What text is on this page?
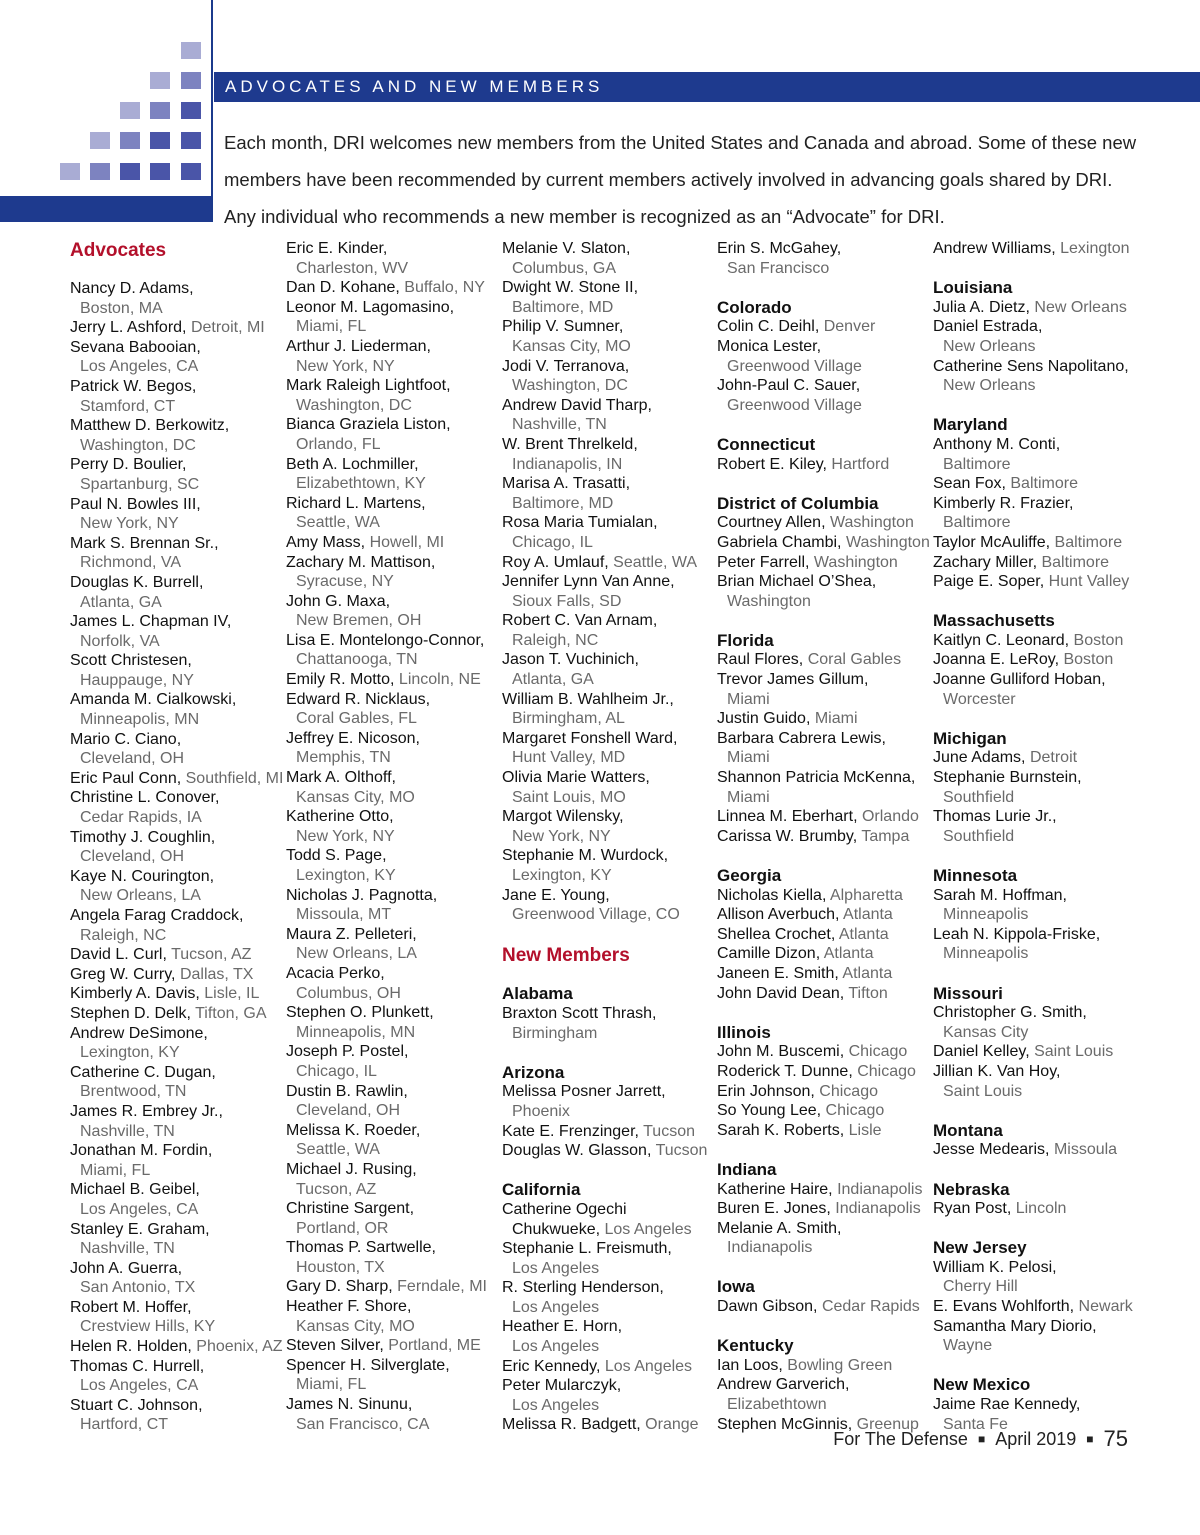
ADVOCATES AND NEW MEMBERS
Each month, DRI welcomes new members from the United States and Canada and abroad. Some of these new members have been recommended by current members actively involved in advancing goals shared by DRI. Any individual who recommends a new member is recognized as an “Advocate” for DRI.
Advocates
Nancy D. Adams,
Boston, MA
Jerry L. Ashford, Detroit, MI
Sevana Babooian,
Los Angeles, CA
Patrick W. Begos,
Stamford, CT
Matthew D. Berkowitz,
Washington, DC
Perry D. Boulier,
Spartanburg, SC
Paul N. Bowles III,
New York, NY
Mark S. Brennan Sr.,
Richmond, VA
Douglas K. Burrell,
Atlanta, GA
James L. Chapman IV,
Norfolk, VA
Scott Christesen,
Hauppauge, NY
Amanda M. Cialkowski,
Minneapolis, MN
Mario C. Ciano,
Cleveland, OH
Eric Paul Conn, Southfield, MI
Christine L. Conover,
Cedar Rapids, IA
Timothy J. Coughlin,
Cleveland, OH
Kaye N. Courington,
New Orleans, LA
Angela Farag Craddock,
Raleigh, NC
David L. Curl, Tucson, AZ
Greg W. Curry, Dallas, TX
Kimberly A. Davis, Lisle, IL
Stephen D. Delk, Tifton, GA
Andrew DeSimone,
Lexington, KY
Catherine C. Dugan,
Brentwood, TN
James R. Embrey Jr.,
Nashville, TN
Jonathan M. Fordin,
Miami, FL
Michael B. Geibel,
Los Angeles, CA
Stanley E. Graham,
Nashville, TN
John A. Guerra,
San Antonio, TX
Robert M. Hoffer,
Crestview Hills, KY
Helen R. Holden, Phoenix, AZ
Thomas C. Hurrell,
Los Angeles, CA
Stuart C. Johnson,
Hartford, CT
Eric E. Kinder,
Charleston, WV
Dan D. Kohane, Buffalo, NY
Leonor M. Lagomasino,
Miami, FL
Arthur J. Liederman,
New York, NY
Mark Raleigh Lightfoot,
Washington, DC
Bianca Graziela Liston,
Orlando, FL
Beth A. Lochmiller,
Elizabethtown, KY
Richard L. Martens,
Seattle, WA
Amy Mass, Howell, MI
Zachary M. Mattison,
Syracuse, NY
John G. Maxa,
New Bremen, OH
Lisa E. Montelongo-Connor,
Chattanooga, TN
Emily R. Motto, Lincoln, NE
Edward R. Nicklaus,
Coral Gables, FL
Jeffrey E. Nicoson,
Memphis, TN
Mark A. Olthoff,
Kansas City, MO
Katherine Otto,
New York, NY
Todd S. Page,
Lexington, KY
Nicholas J. Pagnotta,
Missoula, MT
Maura Z. Pelleteri,
New Orleans, LA
Acacia Perko,
Columbus, OH
Stephen O. Plunkett,
Minneapolis, MN
Joseph P. Postel,
Chicago, IL
Dustin B. Rawlin,
Cleveland, OH
Melissa K. Roeder,
Seattle, WA
Michael J. Rusing,
Tucson, AZ
Christine Sargent,
Portland, OR
Thomas P. Sartwelle,
Houston, TX
Gary D. Sharp, Ferndale, MI
Heather F. Shore,
Kansas City, MO
Steven Silver, Portland, ME
Spencer H. Silverglate,
Miami, FL
James N. Sinunu,
San Francisco, CA
Melanie V. Slaton,
Columbus, GA
Dwight W. Stone II,
Baltimore, MD
Philip V. Sumner,
Kansas City, MO
Jodi V. Terranova,
Washington, DC
Andrew David Tharp,
Nashville, TN
W. Brent Threlkeld,
Indianapolis, IN
Marisa A. Trasatti,
Baltimore, MD
Rosa Maria Tumialan,
Chicago, IL
Roy A. Umlauf, Seattle, WA
Jennifer Lynn Van Anne,
Sioux Falls, SD
Robert C. Van Arnam,
Raleigh, NC
Jason T. Vuchinich,
Atlanta, GA
William B. Wahlheim Jr.,
Birmingham, AL
Margaret Fonshell Ward,
Hunt Valley, MD
Olivia Marie Watters,
Saint Louis, MO
Margot Wilensky,
New York, NY
Stephanie M. Wurdock,
Lexington, KY
Jane E. Young,
Greenwood Village, CO
New Members
Alabama
Braxton Scott Thrash,
Birmingham
Arizona
Melissa Posner Jarrett,
Phoenix
Kate E. Frenzinger, Tucson
Douglas W. Glasson, Tucson
California
Catherine Ogechi
Chukwueke, Los Angeles
Stephanie L. Freismuth,
Los Angeles
R. Sterling Henderson,
Los Angeles
Heather E. Horn,
Los Angeles
Eric Kennedy, Los Angeles
Peter Mularczyk,
Los Angeles
Melissa R. Badgett, Orange
Erin S. McGahey,
San Francisco
Colorado
Colin C. Deihl, Denver
Monica Lester,
Greenwood Village
John-Paul C. Sauer,
Greenwood Village
Connecticut
Robert E. Kiley, Hartford
District of Columbia
Courtney Allen, Washington
Gabriela Chambi, Washington
Peter Farrell, Washington
Brian Michael O’Shea,
Washington
Florida
Raul Flores, Coral Gables
Trevor James Gillum,
Miami
Justin Guido, Miami
Barbara Cabrera Lewis,
Miami
Shannon Patricia McKenna,
Miami
Linnea M. Eberhart, Orlando
Carissa W. Brumby, Tampa
Georgia
Nicholas Kiella, Alpharetta
Allison Averbuch, Atlanta
Shellea Crochet, Atlanta
Camille Dizon, Atlanta
Janeen E. Smith, Atlanta
John David Dean, Tifton
Illinois
John M. Buscemi, Chicago
Roderick T. Dunne, Chicago
Erin Johnson, Chicago
So Young Lee, Chicago
Sarah K. Roberts, Lisle
Indiana
Katherine Haire, Indianapolis
Buren E. Jones, Indianapolis
Melanie A. Smith,
Indianapolis
Iowa
Dawn Gibson, Cedar Rapids
Kentucky
Ian Loos, Bowling Green
Andrew Garverich,
Elizabethtown
Stephen McGinnis, Greenup
Andrew Williams, Lexington
Louisiana
Julia A. Dietz, New Orleans
Daniel Estrada,
New Orleans
Catherine Sens Napolitano,
New Orleans
Maryland
Anthony M. Conti,
Baltimore
Sean Fox, Baltimore
Kimberly R. Frazier,
Baltimore
Taylor McAuliffe, Baltimore
Zachary Miller, Baltimore
Paige E. Soper, Hunt Valley
Massachusetts
Kaitlyn C. Leonard, Boston
Joanna E. LeRoy, Boston
Joanne Gulliford Hoban,
Worcester
Michigan
June Adams, Detroit
Stephanie Burnstein,
Southfield
Thomas Lurie Jr.,
Southfield
Minnesota
Sarah M. Hoffman,
Minneapolis
Leah N. Kippola-Friske,
Minneapolis
Missouri
Christopher G. Smith,
Kansas City
Daniel Kelley, Saint Louis
Jillian K. Van Hoy,
Saint Louis
Montana
Jesse Medearis, Missoula
Nebraska
Ryan Post, Lincoln
New Jersey
William K. Pelosi,
Cherry Hill
E. Evans Wohlforth, Newark
Samantha Mary Diorio,
Wayne
New Mexico
Jaime Rae Kennedy,
Santa Fe
For The Defense ■ April 2019 ■ 75
